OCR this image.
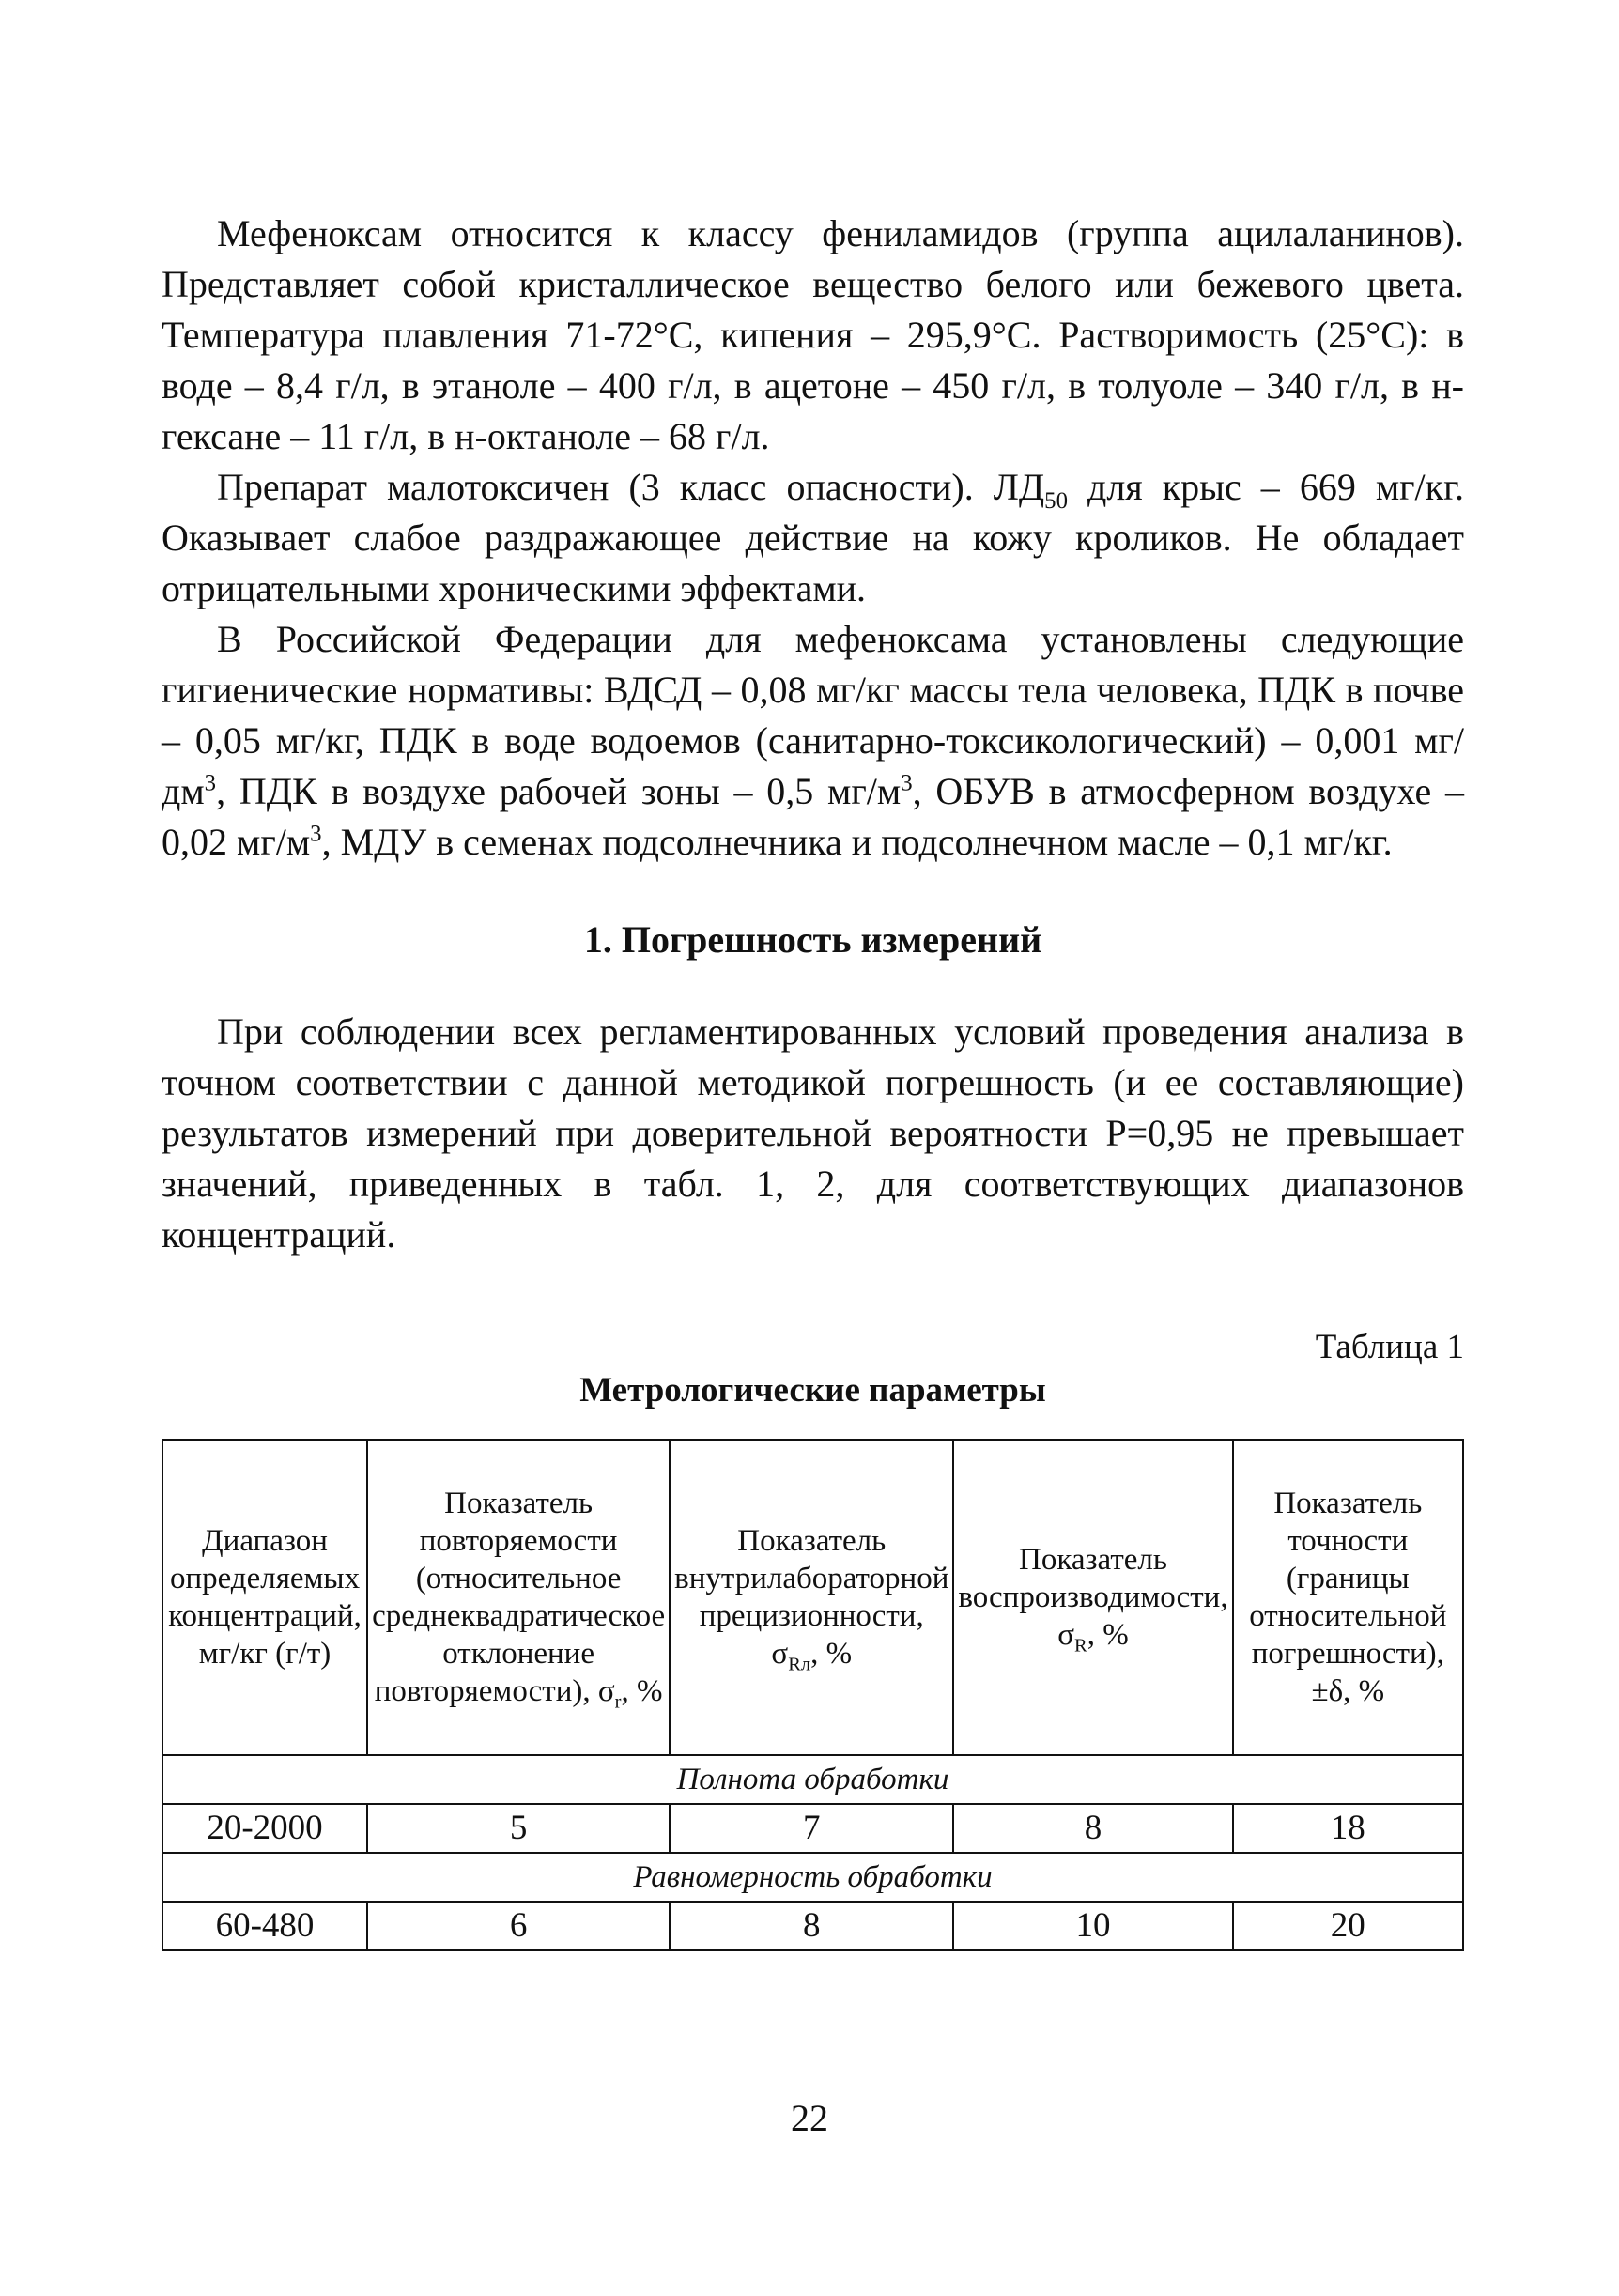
Мефеноксам относится к классу фениламидов (группа ацилаланинов). Представляет собой кристаллическое вещество белого или бежевого цвета. Температура плавления 71-72°С, кипения – 295,9°С. Растворимость (25°С): в воде – 8,4 г/л, в этаноле – 400 г/л, в ацетоне – 450 г/л, в толуоле – 340 г/л, в н-гексане – 11 г/л, в н-октаноле – 68 г/л.

Препарат малотоксичен (3 класс опасности). $ЛД_{50}$ для крыс – 669 мг/кг. Оказывает слабое раздражающее действие на кожу кроликов. Не обладает отрицательными хроническими эффектами.

В Российской Федерации для мефеноксама установлены следующие гигиенические нормативы: ВДСД – 0,08 мг/кг массы тела человека, ПДК в почве – 0,05 мг/кг, ПДК в воде водоемов (санитарно-токсикологический) – 0,001 $мг/дм^3$, ПДК в воздухе рабочей зоны – 0,5 $мг/м^3$, ОБУВ в атмосферном воздухе – 0,02 $мг/м^3$, МДУ в семенах подсолнечника и подсолнечном масле – 0,1 мг/кг.

1. Погрешность измерений

При соблюдении всех регламентированных условий проведения анализа в точном соответствии с данной методикой погрешность (и ее составляющие) результатов измерений при доверительной вероятности Р=0,95 не превышает значений, приведенных в табл. 1, 2, для соответствующих диапазонов концентраций.

Таблица 1
Метрологические параметры
Диапазон определяемых концентраций, мг/кг (г/т)	Показатель повторяемости (относительное среднеквадратическое отклонение повторяемости), $\sigma_r$, %	Показатель внутрилабораторной прецизионности, $\sigma_{Rл}$, %	Показатель воспроизводимости, $\sigma_R$, %	Показатель точности (границы относительной погрешности), ±δ, %
Полнота обработки				
20-2000	5	7	8	18
Равномерность обработки				
60-480	6	8	10	20
22
